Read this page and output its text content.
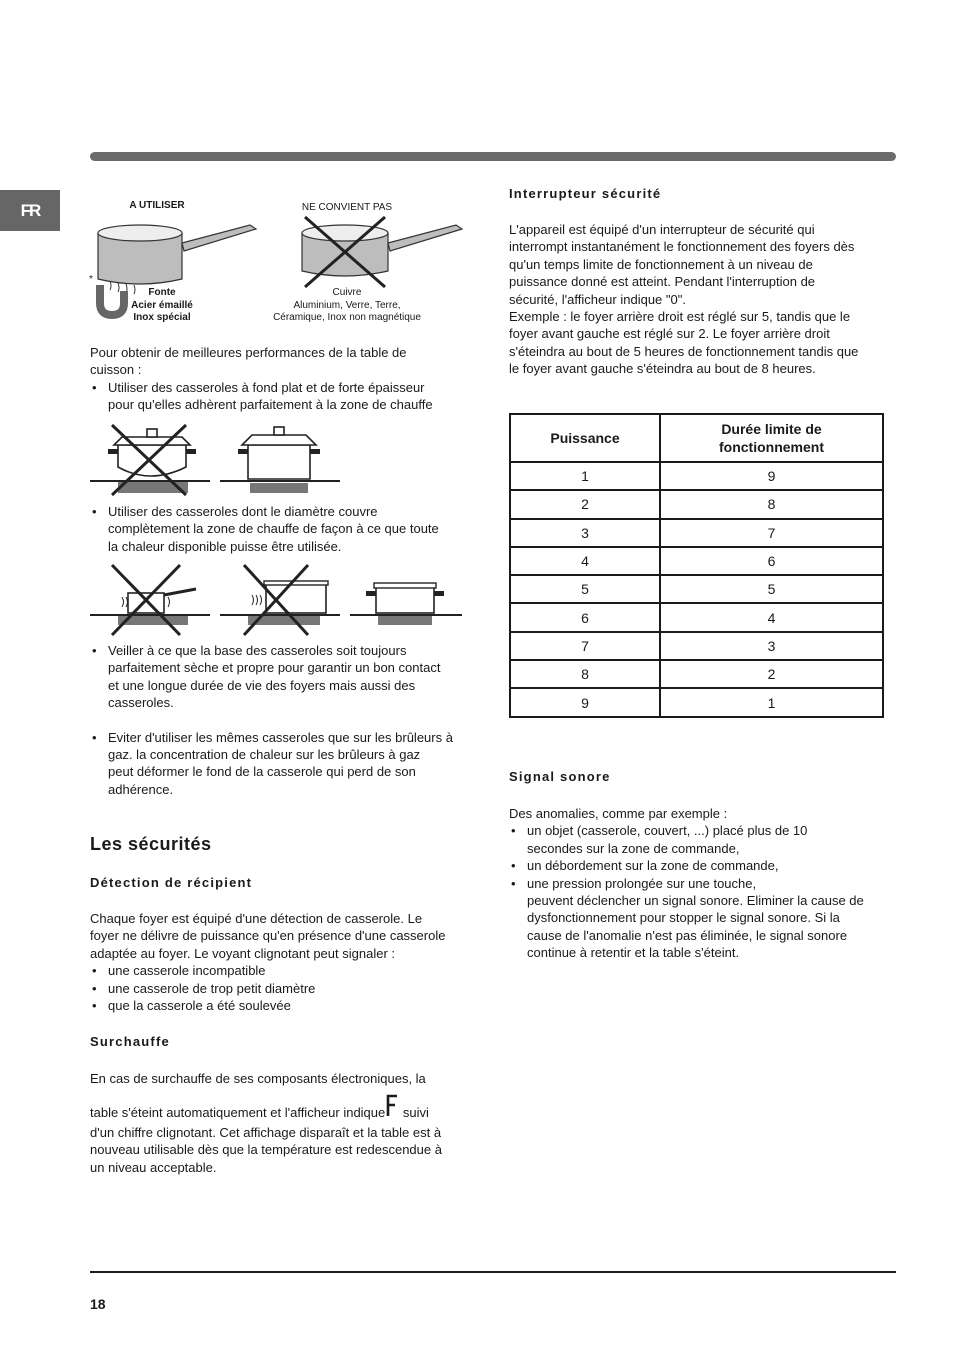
FR	A UTILISER	NE CONVIENT PAS
*
Fonte
Acier émaillé
Inox spécial
Cuivre
Aluminium, Verre, Terre,
Céramique, Inox non magnétique
Pour obtenir de meilleures performances de la table de
cuisson :
• Utiliser des casseroles à fond plat et de forte épaisseur
pour qu'elles adhèrent parfaitement à la zone de chauffe
• Utiliser des casseroles dont le diamètre couvre
complètement la zone de chauffe de façon à ce que toute
la chaleur disponible puisse être utilisée.
• Veiller à ce que la base des casseroles soit toujours
parfaitement sèche et propre pour garantir un bon contact
et une longue durée de vie des foyers mais aussi des
casseroles.
• Eviter d'utiliser les mêmes casseroles que sur les brûleurs à
gaz. la concentration de chaleur sur les brûleurs à gaz
peut déformer le fond de la casserole qui perd de son
adhérence.
Les sécurités
Détection de récipient
Chaque foyer est équipé d'une détection de casserole. Le
foyer ne délivre de puissance qu'en présence d'une casserole
adaptée au foyer. Le voyant clignotant peut signaler :
• une casserole incompatible
• une casserole de trop petit diamètre
• que la casserole a été soulevée
Surchauffe
En cas de surchauffe de ses composants électroniques, la
table s'éteint automatiquement et l'afficheur indique suivi
d'un chiffre clignotant. Cet affichage disparaît et la table est à
nouveau utilisable dès que la température est redescendue à
un niveau acceptable.
Interrupteur sécurité
L'appareil est équipé d'un interrupteur de sécurité qui
interrompt instantanément le fonctionnement des foyers dès
qu'un temps limite de fonctionnement à un niveau de
puissance donné est atteint. Pendant l'interruption de
sécurité, l'afficheur indique "0".
Exemple : le foyer arrière droit est réglé sur 5, tandis que le
foyer avant gauche est réglé sur 2. Le foyer arrière droit
s'éteindra au bout de 5 heures de fonctionnement tandis que
le foyer avant gauche s'éteindra au bout de 8 heures.
Puissance	Durée limite de
fonctionnement

1	9
2	8
3	7
4	6
5	5
6	4
7	3
8	2
9	1
Signal sonore
Des anomalies, comme par exemple :
• un objet (casserole, couvert, ...) placé plus de 10
secondes sur la zone de commande,
• un débordement sur la zone de commande,
• une pression prolongée sur une touche,
peuvent déclencher un signal sonore. Eliminer la cause de
dysfonctionnement pour stopper le signal sonore. Si la
cause de l'anomalie n'est pas éliminée, le signal sonore
continue à retentir et la table s'éteint.
18
